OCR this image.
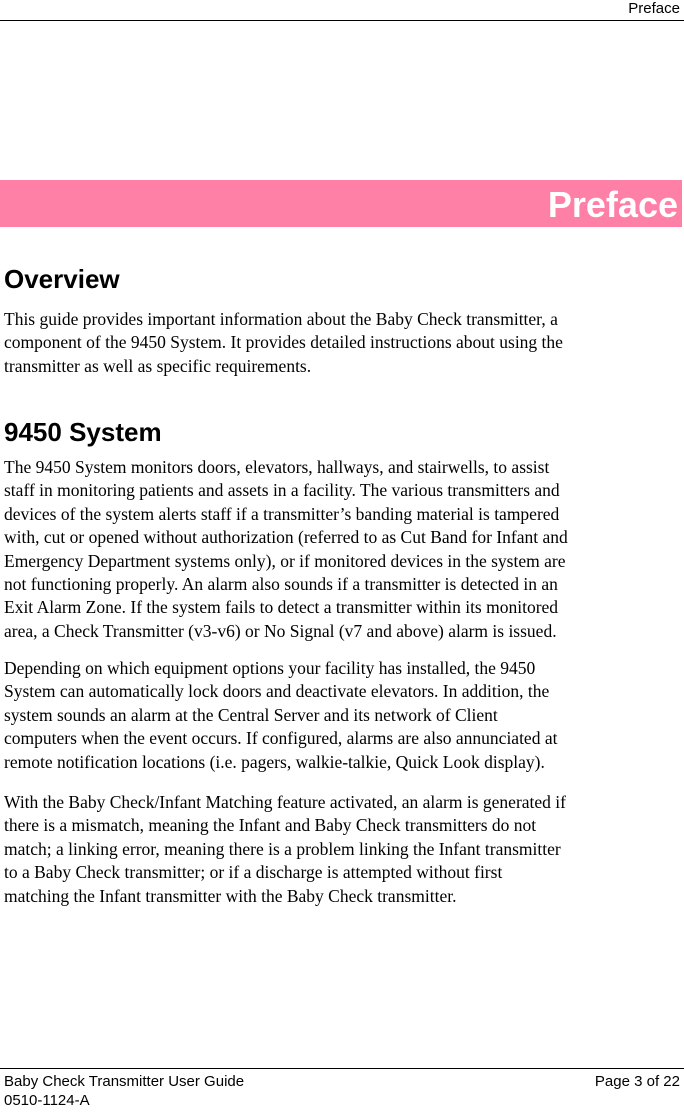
Preface
Preface
Overview
This guide provides important information about the Baby Check transmitter, a
component of the 9450 System. It provides detailed instructions about using the
transmitter as well as specific requirements.
9450 System
The 9450 System monitors doors, elevators, hallways, and stairwells, to assist
staff in monitoring patients and assets in a facility. The various transmitters and
devices of the system alerts staff if a transmitter’s banding material is tampered
with, cut or opened without authorization (referred to as Cut Band for Infant and
Emergency Department systems only), or if monitored devices in the system are
not functioning properly. An alarm also sounds if a transmitter is detected in an
Exit Alarm Zone. If the system fails to detect a transmitter within its monitored
area, a Check Transmitter (v3-v6) or No Signal (v7 and above) alarm is issued.
Depending on which equipment options your facility has installed, the 9450
System can automatically lock doors and deactivate elevators. In addition, the
system sounds an alarm at the Central Server and its network of Client
computers when the event occurs. If configured, alarms are also annunciated at
remote notification locations (i.e. pagers, walkie-talkie, Quick Look display).
With the Baby Check/Infant Matching feature activated, an alarm is generated if
there is a mismatch, meaning the Infant and Baby Check transmitters do not
match; a linking error, meaning there is a problem linking the Infant transmitter
to a Baby Check transmitter; or if a discharge is attempted without first
matching the Infant transmitter with the Baby Check transmitter.
Baby Check Transmitter User Guide
0510-1124-A
Page 3 of 22
